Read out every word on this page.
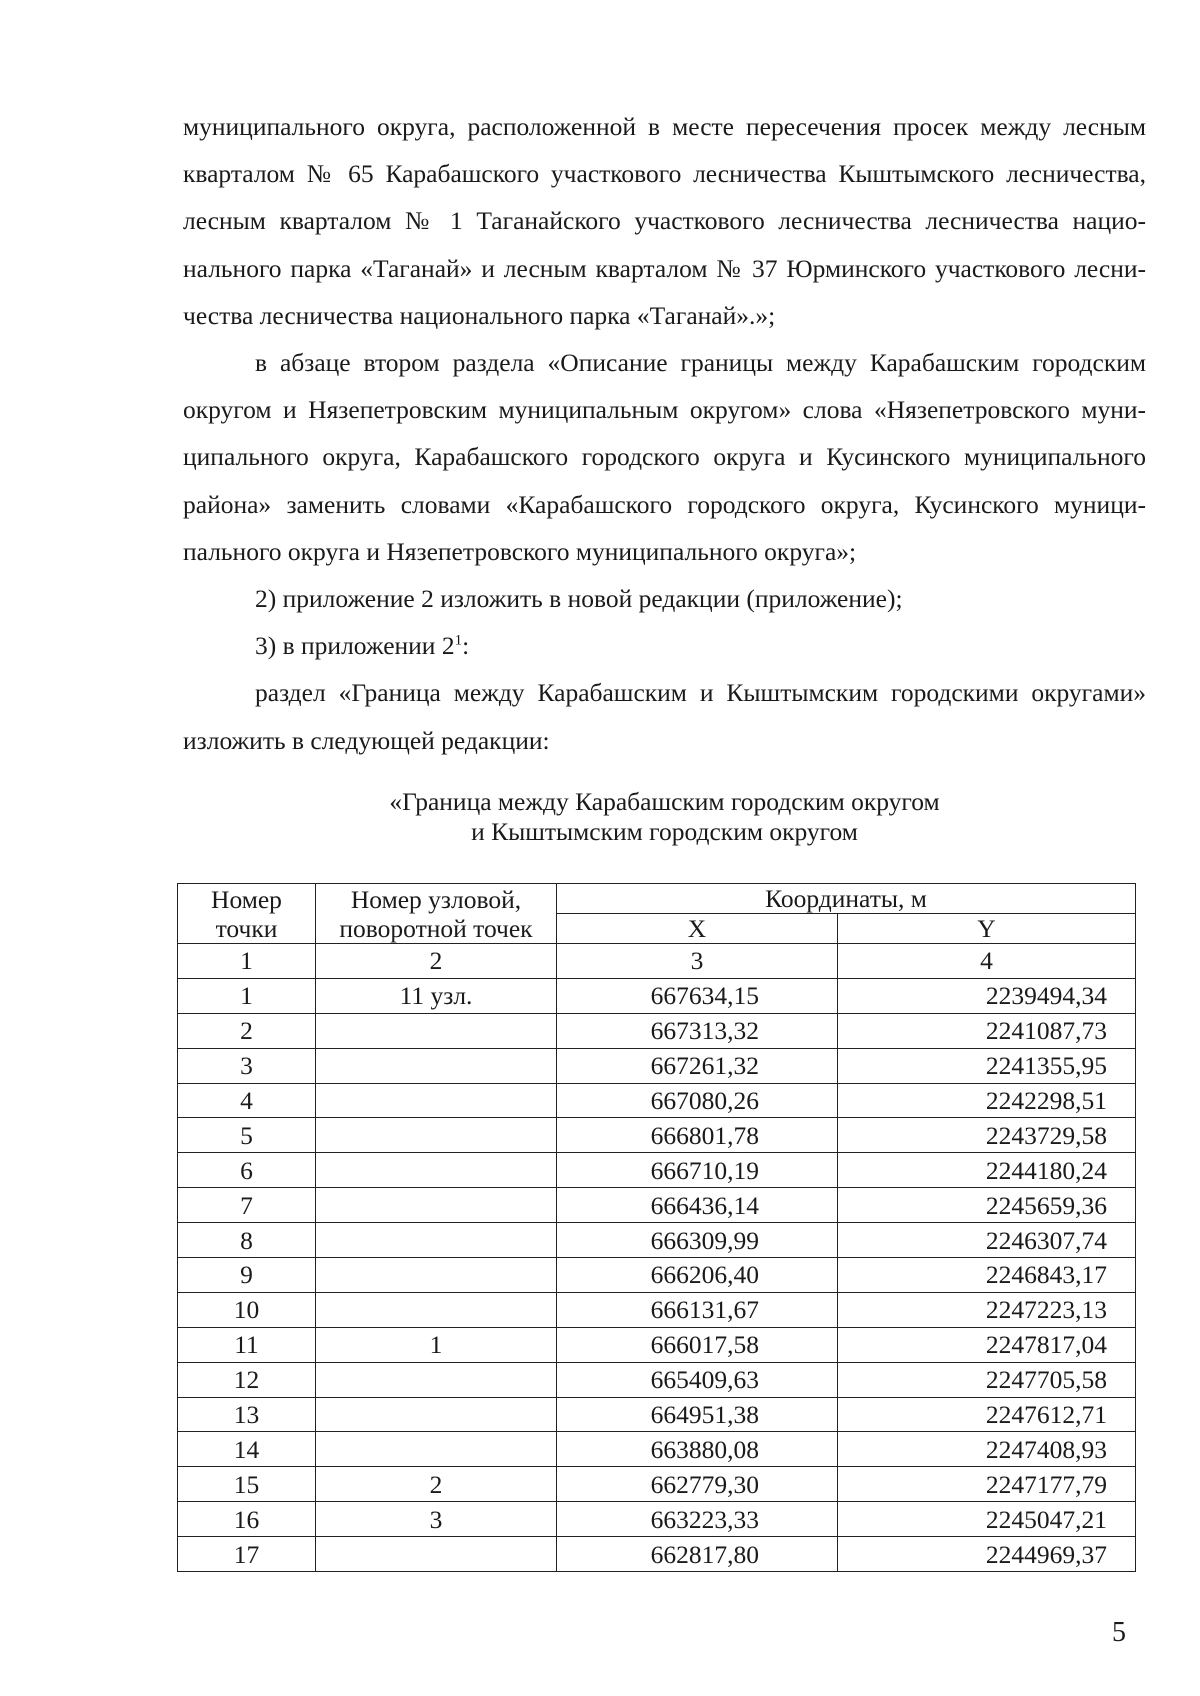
муниципального округа, расположенной в месте пересечения просек между лесным

кварталом № 65 Карабашского участкового лесничества Кыштымского лесничества,

лесным кварталом № 1 Таганайского участкового лесничества лесничества нацио-

нального парка «Таганай» и лесным кварталом № 37 Юрминского участкового лесни-

чества лесничества национального парка «Таганай».»;

в абзаце втором раздела «Описание границы между Карабашским городским

округом и Нязепетровским муниципальным округом» слова «Нязепетровского муни-

ципального округа, Карабашского городского округа и Кусинского муниципального

района» заменить словами «Карабашского городского округа, Кусинского муници-

пального округа и Нязепетровского муниципального округа»;

2) приложение 2 изложить в новой редакции (приложение);

3) в приложении $2^1$:

раздел «Граница между Карабашским и Кыштымским городскими округами»

изложить в следующей редакции:

«Граница между Карабашским городским округом
и Кыштымским городским округом
Номер точки	Номер узловой, поворотной точек	Координаты, м	
		X	Y
1	2	3	4
1	11 узл.	667634,15	2239494,34
2		667313,32	2241087,73
3		667261,32	2241355,95
4		667080,26	2242298,51
5		666801,78	2243729,58
6		666710,19	2244180,24
7		666436,14	2245659,36
8		666309,99	2246307,74
9		666206,40	2246843,17
10		666131,67	2247223,13
11	1	666017,58	2247817,04
12		665409,63	2247705,58
13		664951,38	2247612,71
14		663880,08	2247408,93
15	2	662779,30	2247177,79
16	3	663223,33	2245047,21
17		662817,80	2244969,37
5
